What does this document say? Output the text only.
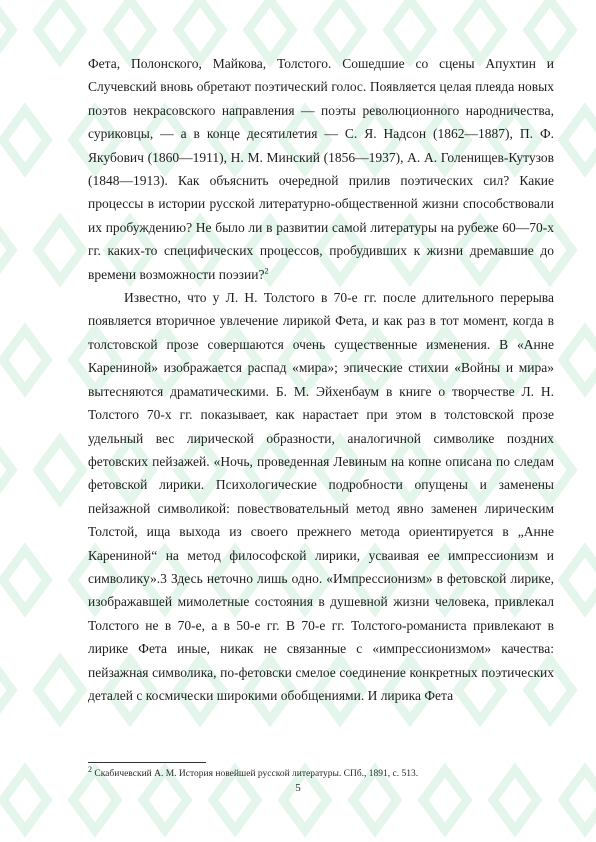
Фета, Полонского, Майкова, Толстого. Сошедшие со сцены Апухтин и Случевский вновь обретают поэтический голос. Появляется целая плеяда новых поэтов некрасовского направления — поэты революционного народничества, суриковцы, — а в конце десятилетия — С. Я. Надсон (1862—1887), П. Ф. Якубович (1860—1911), Н. М. Минский (1856—1937), А. А. Голенищев-Кутузов (1848—1913). Как объяснить очередной прилив поэтических сил? Какие процессы в истории русской литературно-общественной жизни способствовали их пробуждению? Не было ли в развитии самой литературы на рубеже 60—70-х гг. каких-то специфических процессов, пробудивших к жизни дремавшие до времени возможности поэзии?$^2$

Известно, что у Л. Н. Толстого в 70-е гг. после длительного перерыва появляется вторичное увлечение лирикой Фета, и как раз в тот момент, когда в толстовской прозе совершаются очень существенные изменения. В «Анне Карениной» изображается распад «мира»; эпические стихии «Войны и мира» вытесняются драматическими. Б. М. Эйхенбаум в книге о творчестве Л. Н. Толстого 70-х гг. показывает, как нарастает при этом в толстовской прозе удельный вес лирической образности, аналогичной символике поздних фетовских пейзажей. «Ночь, проведенная Левиным на копне описана по следам фетовской лирики. Психологические подробности опущены и заменены пейзажной символикой: повествовательный метод явно заменен лирическим Толстой, ища выхода из своего прежнего метода ориентируется в „Анне Карениной“ на метод философской лирики, усваивая ее импрессионизм и символику».3 Здесь неточно лишь одно. «Импрессионизм» в фетовской лирике, изображавшей мимолетные состояния в душевной жизни человека, привлекал Толстого не в 70-е, а в 50-е гг. В 70-е гг. Толстого-романиста привлекают в лирике Фета иные, никак не связанные с «импрессионизмом» качества: пейзажная символика, по-фетовски смелое соединение конкретных поэтических деталей с космически широкими обобщениями. И лирика Фета

$^2$ Скабичевский А. М. История новейшей русской литературы. СПб., 1891, с. 513.
5
